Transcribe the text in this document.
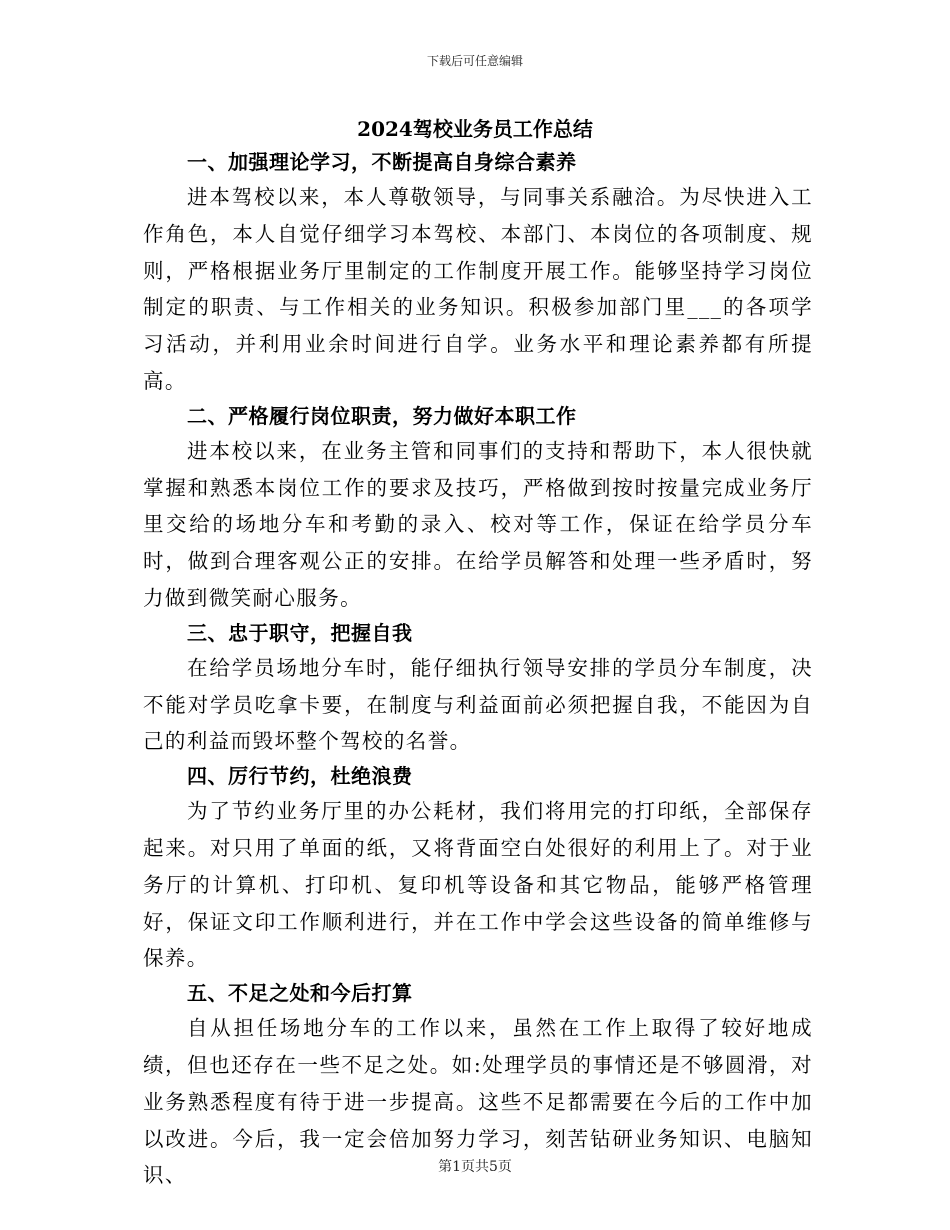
下载后可任意编辑
2024驾校业务员工作总结

一、加强理论学习，不断提高自身综合素养

进本驾校以来，本人尊敬领导，与同事关系融洽。为尽快进入工作角色，本人自觉仔细学习本驾校、本部门、本岗位的各项制度、规则，严格根据业务厅里制定的工作制度开展工作。能够坚持学习岗位制定的职责、与工作相关的业务知识。积极参加部门里___的各项学习活动，并利用业余时间进行自学。业务水平和理论素养都有所提高。

二、严格履行岗位职责，努力做好本职工作

进本校以来，在业务主管和同事们的支持和帮助下，本人很快就掌握和熟悉本岗位工作的要求及技巧，严格做到按时按量完成业务厅里交给的场地分车和考勤的录入、校对等工作，保证在给学员分车时，做到合理客观公正的安排。在给学员解答和处理一些矛盾时，努力做到微笑耐心服务。

三、忠于职守，把握自我

在给学员场地分车时，能仔细执行领导安排的学员分车制度，决不能对学员吃拿卡要，在制度与利益面前必须把握自我，不能因为自己的利益而毁坏整个驾校的名誉。

四、厉行节约，杜绝浪费

为了节约业务厅里的办公耗材，我们将用完的打印纸，全部保存起来。对只用了单面的纸，又将背面空白处很好的利用上了。对于业务厅的计算机、打印机、复印机等设备和其它物品，能够严格管理好，保证文印工作顺利进行，并在工作中学会这些设备的简单维修与保养。

五、不足之处和今后打算

自从担任场地分车的工作以来，虽然在工作上取得了较好地成绩，但也还存在一些不足之处。如:处理学员的事情还是不够圆滑，对业务熟悉程度有待于进一步提高。这些不足都需要在今后的工作中加以改进。今后，我一定会倍加努力学习，刻苦钻研业务知识、电脑知识、	第1页共5页
